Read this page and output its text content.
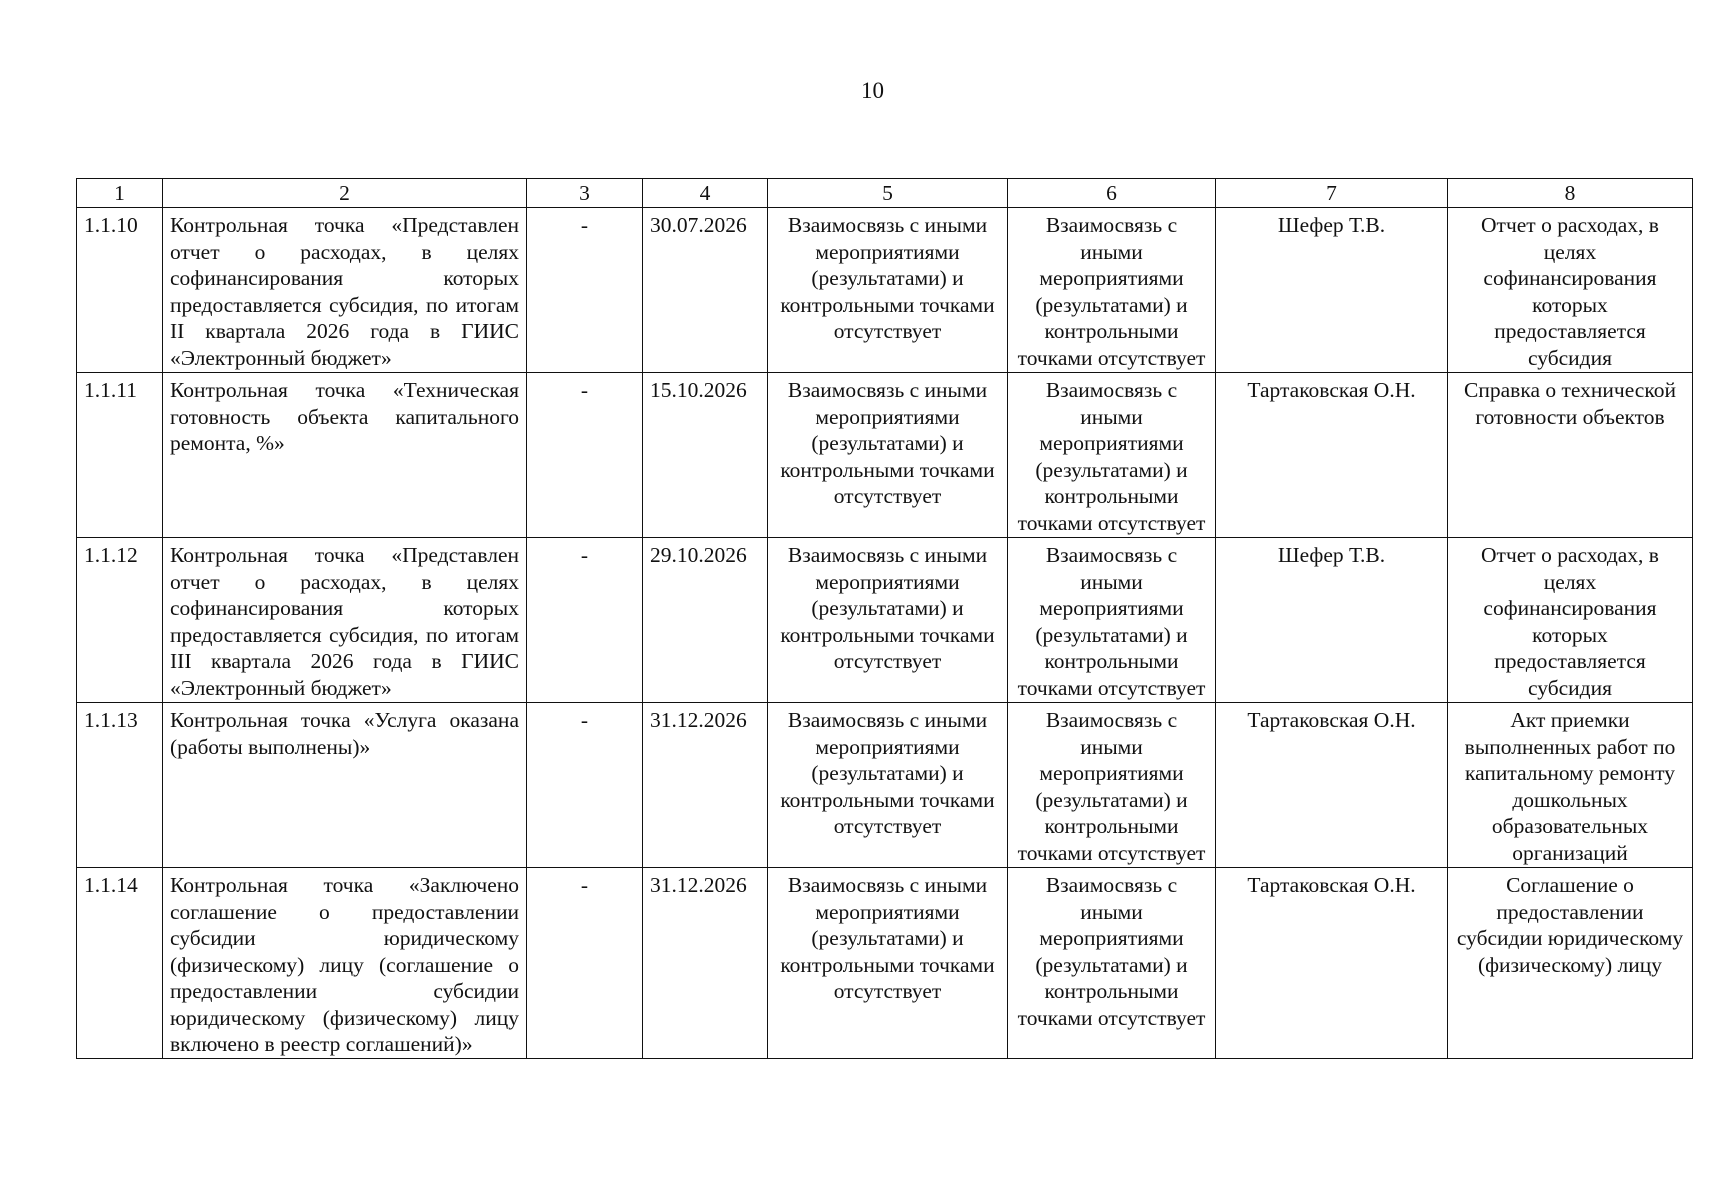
10
1	2	3	4	5	6	7	8
1.1.10	Контрольная точка «Представлен отчет о расходах, в целях софинансирования которых предоставляется субсидия, по итогам II квартала 2026 года в ГИИС «Электронный бюджет»	-	30.07.2026	Взаимосвязь с иными мероприятиями (результатами) и контрольными точками отсутствует	Взаимосвязь с иными мероприятиями (результатами) и контрольными точками отсутствует	Шефер Т.В.	Отчет о расходах, в целях софинансирования которых предоставляется субсидия
1.1.11	Контрольная точка «Техническая готовность объекта капитального ремонта, %»	-	15.10.2026	Взаимосвязь с иными мероприятиями (результатами) и контрольными точками отсутствует	Взаимосвязь с иными мероприятиями (результатами) и контрольными точками отсутствует	Тартаковская О.Н.	Справка о технической готовности объектов
1.1.12	Контрольная точка «Представлен отчет о расходах, в целях софинансирования которых предоставляется субсидия, по итогам III квартала 2026 года в ГИИС «Электронный бюджет»	-	29.10.2026	Взаимосвязь с иными мероприятиями (результатами) и контрольными точками отсутствует	Взаимосвязь с иными мероприятиями (результатами) и контрольными точками отсутствует	Шефер Т.В.	Отчет о расходах, в целях софинансирования которых предоставляется субсидия
1.1.13	Контрольная точка «Услуга оказана (работы выполнены)»	-	31.12.2026	Взаимосвязь с иными мероприятиями (результатами) и контрольными точками отсутствует	Взаимосвязь с иными мероприятиями (результатами) и контрольными точками отсутствует	Тартаковская О.Н.	Акт приемки выполненных работ по капитальному ремонту дошкольных образовательных организаций
1.1.14	Контрольная точка «Заключено соглашение о предоставлении субсидии юридическому (физическому) лицу (соглашение о предоставлении субсидии юридическому (физическому) лицу включено в реестр соглашений)»	-	31.12.2026	Взаимосвязь с иными мероприятиями (результатами) и контрольными точками отсутствует	Взаимосвязь с иными мероприятиями (результатами) и контрольными точками отсутствует	Тартаковская О.Н.	Соглашение о предоставлении субсидии юридическому (физическому) лицу
